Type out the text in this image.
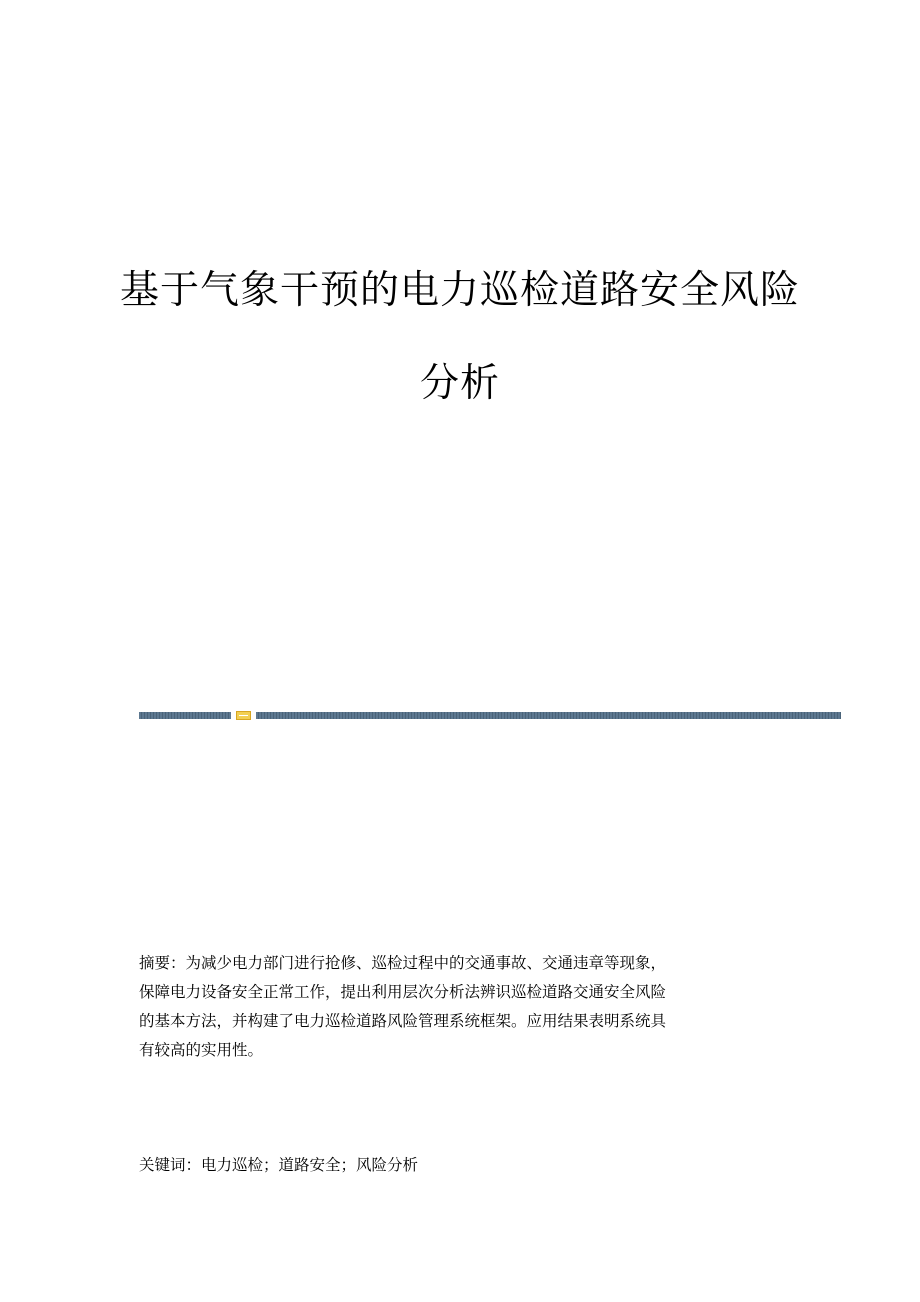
基于气象干预的电力巡检道路安全风险
分析
摘要：为减少电力部门进行抢修、巡检过程中的交通事故、交通违章等现象，
保障电力设备安全正常工作，提出利用层次分析法辨识巡检道路交通安全风险
的基本方法，并构建了电力巡检道路风险管理系统框架。应用结果表明系统具
有较高的实用性。
关键词：电力巡检；道路安全；风险分析
